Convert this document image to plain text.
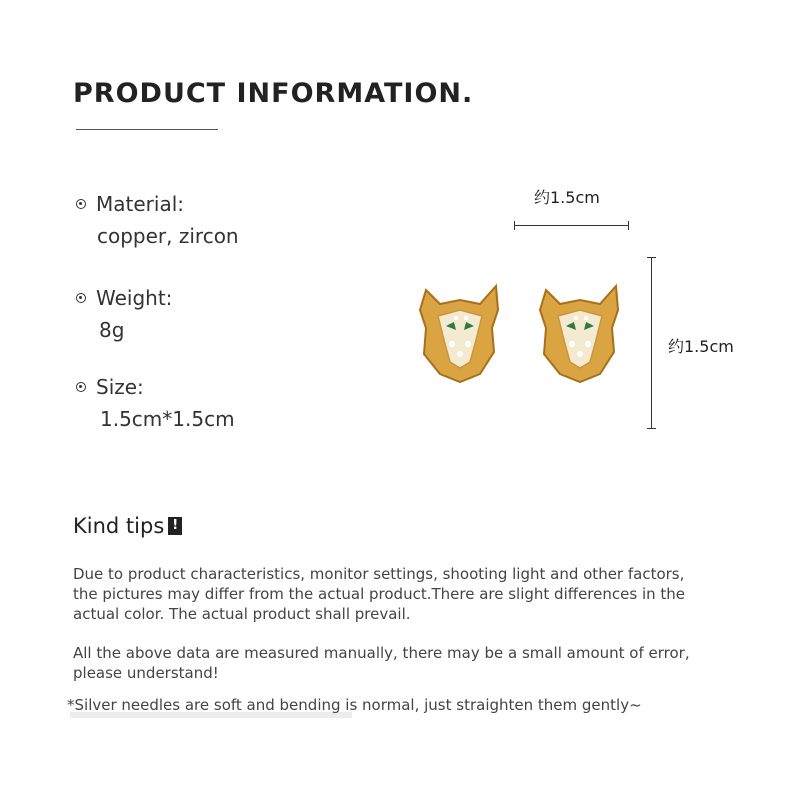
PRODUCT INFORMATION.
Material:
copper, zircon
Weight:
8g
Size:
1.5cm*1.5cm
约1.5cm
约1.5cm
Kind tips !
Due to product characteristics, monitor settings, shooting light and other factors, the pictures may differ from the actual product.There are slight differences in the actual color. The actual product shall prevail.
All the above data are measured manually, there may be a small amount of error, please understand!
*Silver needles are soft and bending is normal, just straighten them gently~
